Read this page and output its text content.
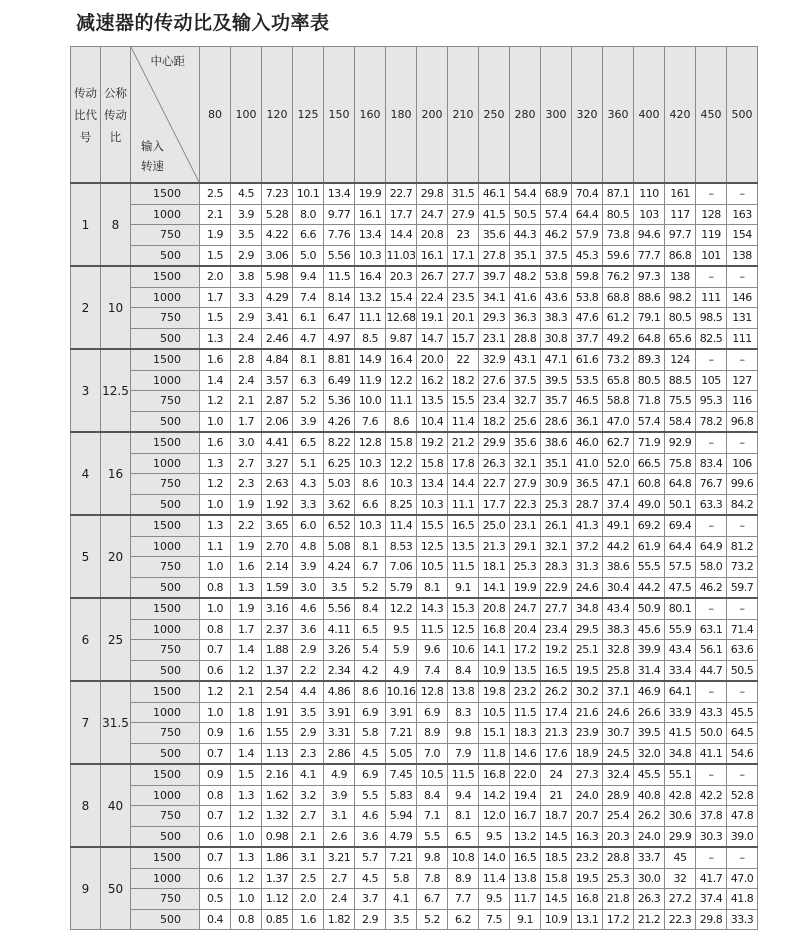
减速器的传动比及输入功率表
传动
比代
号	公称
传动
比	中心距
输入
转速	80	100	120	125	150	160	180	200	210	250	280	300	320	360	400	420	450	500
1	8	1500	2.5	4.5	7.23	10.1	13.4	19.9	22.7	29.8	31.5	46.1	54.4	68.9	70.4	87.1	110	161	–	–
		1000	2.1	3.9	5.28	8.0	9.77	16.1	17.7	24.7	27.9	41.5	50.5	57.4	64.4	80.5	103	117	128	163
		750	1.9	3.5	4.22	6.6	7.76	13.4	14.4	20.8	23	35.6	44.3	46.2	57.9	73.8	94.6	97.7	119	154
		500	1.5	2.9	3.06	5.0	5.56	10.3	11.03	16.1	17.1	27.8	35.1	37.5	45.3	59.6	77.7	86.8	101	138
2	10	1500	2.0	3.8	5.98	9.4	11.5	16.4	20.3	26.7	27.7	39.7	48.2	53.8	59.8	76.2	97.3	138	–	–
		1000	1.7	3.3	4.29	7.4	8.14	13.2	15.4	22.4	23.5	34.1	41.6	43.6	53.8	68.8	88.6	98.2	111	146
		750	1.5	2.9	3.41	6.1	6.47	11.1	12.68	19.1	20.1	29.3	36.3	38.3	47.6	61.2	79.1	80.5	98.5	131
		500	1.3	2.4	2.46	4.7	4.97	8.5	9.87	14.7	15.7	23.1	28.8	30.8	37.7	49.2	64.8	65.6	82.5	111
3	12.5	1500	1.6	2.8	4.84	8.1	8.81	14.9	16.4	20.0	22	32.9	43.1	47.1	61.6	73.2	89.3	124	–	–
		1000	1.4	2.4	3.57	6.3	6.49	11.9	12.2	16.2	18.2	27.6	37.5	39.5	53.5	65.8	80.5	88.5	105	127
		750	1.2	2.1	2.87	5.2	5.36	10.0	11.1	13.5	15.5	23.4	32.7	35.7	46.5	58.8	71.8	75.5	95.3	116
		500	1.0	1.7	2.06	3.9	4.26	7.6	8.6	10.4	11.4	18.2	25.6	28.6	36.1	47.0	57.4	58.4	78.2	96.8
4	16	1500	1.6	3.0	4.41	6.5	8.22	12.8	15.8	19.2	21.2	29.9	35.6	38.6	46.0	62.7	71.9	92.9	–	–
		1000	1.3	2.7	3.27	5.1	6.25	10.3	12.2	15.8	17.8	26.3	32.1	35.1	41.0	52.0	66.5	75.8	83.4	106
		750	1.2	2.3	2.63	4.3	5.03	8.6	10.3	13.4	14.4	22.7	27.9	30.9	36.5	47.1	60.8	64.8	76.7	99.6
		500	1.0	1.9	1.92	3.3	3.62	6.6	8.25	10.3	11.1	17.7	22.3	25.3	28.7	37.4	49.0	50.1	63.3	84.2
5	20	1500	1.3	2.2	3.65	6.0	6.52	10.3	11.4	15.5	16.5	25.0	23.1	26.1	41.3	49.1	69.2	69.4	–	–
		1000	1.1	1.9	2.70	4.8	5.08	8.1	8.53	12.5	13.5	21.3	29.1	32.1	37.2	44.2	61.9	64.4	64.9	81.2
		750	1.0	1.6	2.14	3.9	4.24	6.7	7.06	10.5	11.5	18.1	25.3	28.3	31.3	38.6	55.5	57.5	58.0	73.2
		500	0.8	1.3	1.59	3.0	3.5	5.2	5.79	8.1	9.1	14.1	19.9	22.9	24.6	30.4	44.2	47.5	46.2	59.7
6	25	1500	1.0	1.9	3.16	4.6	5.56	8.4	12.2	14.3	15.3	20.8	24.7	27.7	34.8	43.4	50.9	80.1	–	–
		1000	0.8	1.7	2.37	3.6	4.11	6.5	9.5	11.5	12.5	16.8	20.4	23.4	29.5	38.3	45.6	55.9	63.1	71.4
		750	0.7	1.4	1.88	2.9	3.26	5.4	5.9	9.6	10.6	14.1	17.2	19.2	25.1	32.8	39.9	43.4	56.1	63.6
		500	0.6	1.2	1.37	2.2	2.34	4.2	4.9	7.4	8.4	10.9	13.5	16.5	19.5	25.8	31.4	33.4	44.7	50.5
7	31.5	1500	1.2	2.1	2.54	4.4	4.86	8.6	10.16	12.8	13.8	19.8	23.2	26.2	30.2	37.1	46.9	64.1	–	–
		1000	1.0	1.8	1.91	3.5	3.91	6.9	3.91	6.9	8.3	10.5	11.5	17.4	21.6	24.6	26.6	33.9	43.3	45.5
		750	0.9	1.6	1.55	2.9	3.31	5.8	7.21	8.9	9.8	15.1	18.3	21.3	23.9	30.7	39.5	41.5	50.0	64.5
		500	0.7	1.4	1.13	2.3	2.86	4.5	5.05	7.0	7.9	11.8	14.6	17.6	18.9	24.5	32.0	34.8	41.1	54.6
8	40	1500	0.9	1.5	2.16	4.1	4.9	6.9	7.45	10.5	11.5	16.8	22.0	24	27.3	32.4	45.5	55.1	–	–
		1000	0.8	1.3	1.62	3.2	3.9	5.5	5.83	8.4	9.4	14.2	19.4	21	24.0	28.9	40.8	42.8	42.2	52.8
		750	0.7	1.2	1.32	2.7	3.1	4.6	5.94	7.1	8.1	12.0	16.7	18.7	20.7	25.4	26.2	30.6	37.8	47.8
		500	0.6	1.0	0.98	2.1	2.6	3.6	4.79	5.5	6.5	9.5	13.2	14.5	16.3	20.3	24.0	29.9	30.3	39.0
9	50	1500	0.7	1.3	1.86	3.1	3.21	5.7	7.21	9.8	10.8	14.0	16.5	18.5	23.2	28.8	33.7	45	–	–
		1000	0.6	1.2	1.37	2.5	2.7	4.5	5.8	7.8	8.9	11.4	13.8	15.8	19.5	25.3	30.0	32	41.7	47.0
		750	0.5	1.0	1.12	2.0	2.4	3.7	4.1	6.7	7.7	9.5	11.7	14.5	16.8	21.8	26.3	27.2	37.4	41.8
		500	0.4	0.8	0.85	1.6	1.82	2.9	3.5	5.2	6.2	7.5	9.1	10.9	13.1	17.2	21.2	22.3	29.8	33.3
